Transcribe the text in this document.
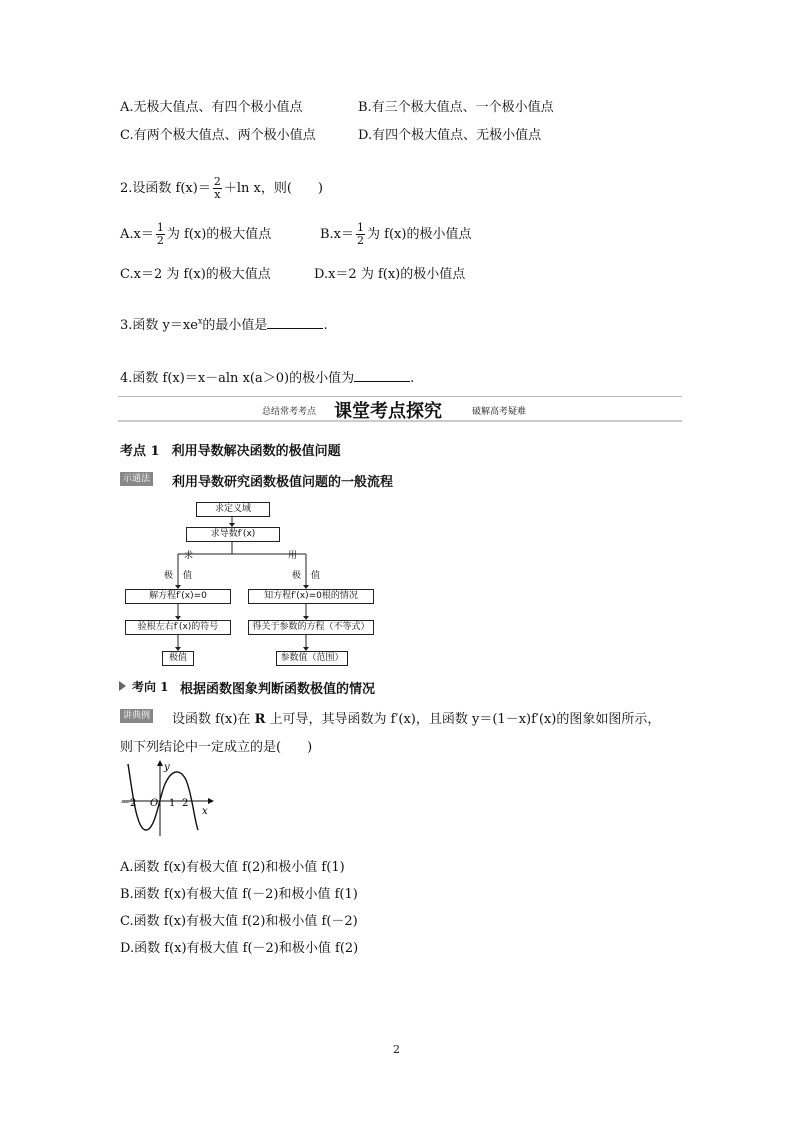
A.无极大值点、有四个极小值点	B.有三个极大值点、一个极小值点
C.有两个极大值点、两个极小值点	D.有四个极大值点、无极小值点
2.设函数 $f(x)= \frac{2}{x} +\ln$ x，则(　　)
$A.x= \frac{1}{2}$ 为 f(x)的极大值点	$B.x= \frac{1}{2}$ 为 f(x)的极小值点
C.x＝2 为 f(x)的极大值点	D.x＝2 为 f(x)的极小值点
3.函数 $y=xe^x$的最小值是	.
4.函数 f(x)＝x－aln x(a＞0)的极小值为	.
总结常考考点 课堂考点探究	破解高考疑难
考点 1 利用导数解决函数的极值问题
示通法 利用导数研究函数极值问题的一般流程
求定义域
求导数f′(x)
求	用
极 值	极 值
解方程f′(x)=0
验根左右f′(x)的符号
极值
知方程f′(x)=0根的情况
得关于参数的方程（不等式）
参数值（范围）
考向 1 根据函数图象判断函数极值的情况
讲典例 设函数 f(x)在 R 上可导，其导函数为 f′(x)，且函数 y＝(1－x)f′(x)的图象如图所示，
则下列结论中一定成立的是(　　)
y
x
－2 O 1 2
A.函数 f(x)有极大值 f(2)和极小值 f(1)
B.函数 f(x)有极大值 f(－2)和极小值 f(1)
C.函数 f(x)有极大值 f(2)和极小值 f(－2)
D.函数 f(x)有极大值 f(－2)和极小值 f(2)
2
